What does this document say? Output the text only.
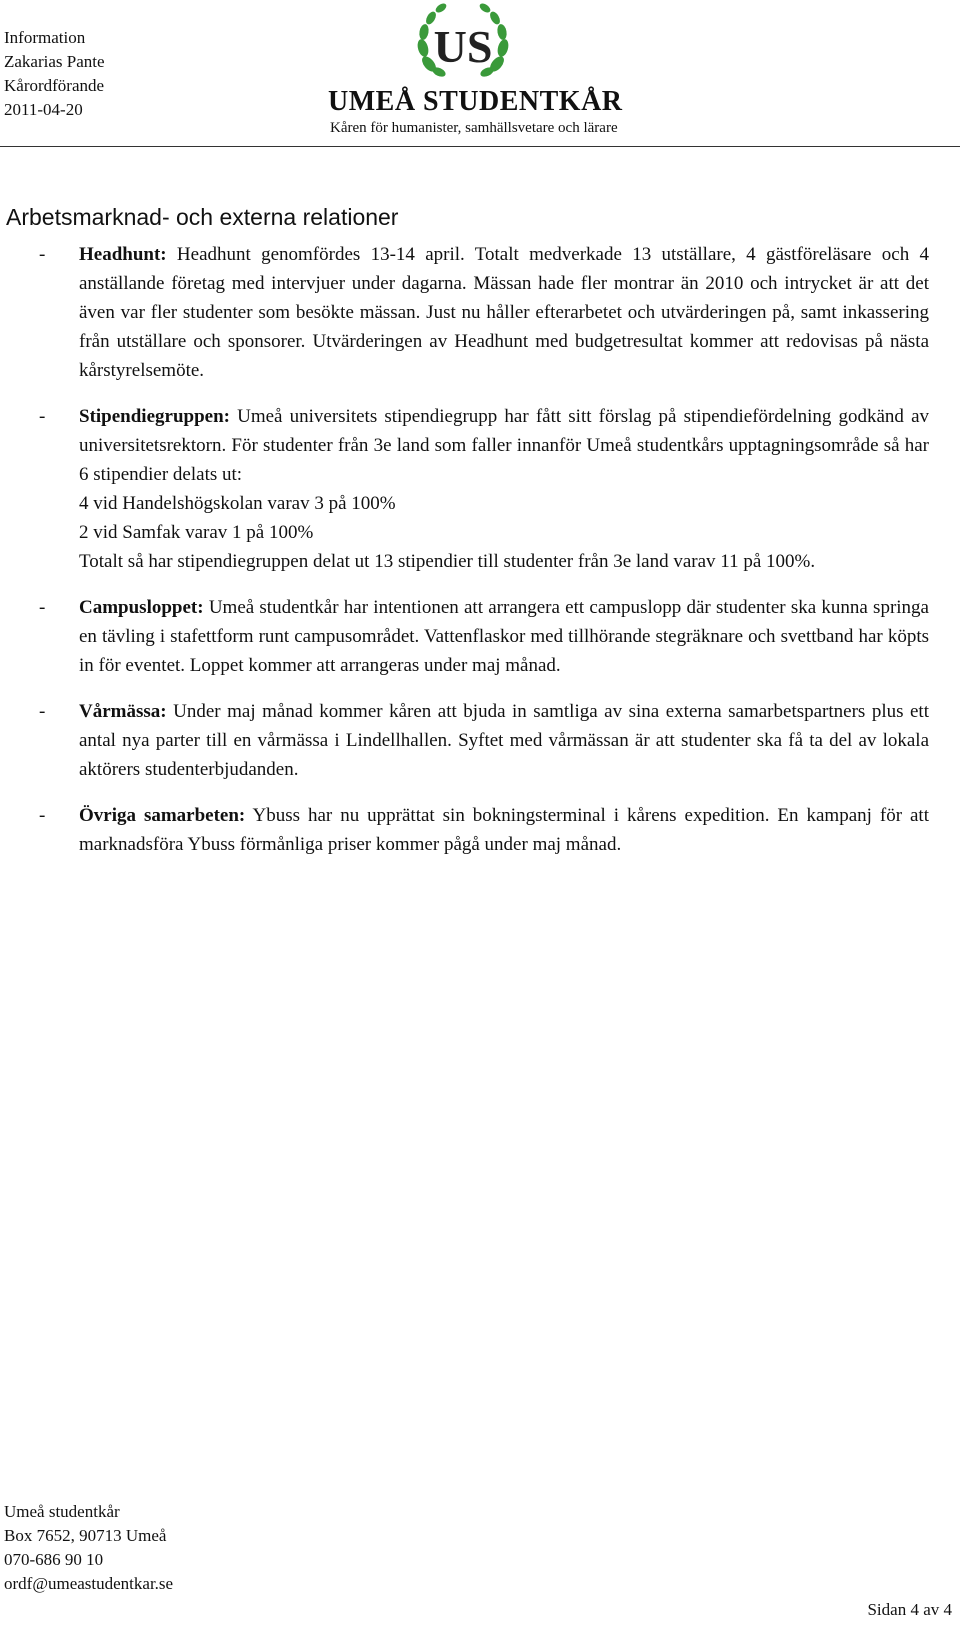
Information
Zakarias Pante
Kårordförande
2011-04-20
US
UMEÅ STUDENTKÅR
Kåren för humanister, samhällsvetare och lärare
Arbetsmarknad- och externa relationer
- Headhunt: Headhunt genomfördes 13-14 april. Totalt medverkade 13 utställare, 4 gästföreläsare och 4 anställande företag med intervjuer under dagarna. Mässan hade fler montrar än 2010 och intrycket är att det även var fler studenter som besökte mässan. Just nu håller efterarbetet och utvärderingen på, samt inkassering från utställare och sponsorer. Utvärderingen av Headhunt med budgetresultat kommer att redovisas på nästa kårstyrelsemöte.
- Stipendiegruppen: Umeå universitets stipendiegrupp har fått sitt förslag på stipendiefördelning godkänd av universitetsrektorn. För studenter från 3e land som faller innanför Umeå studentkårs upptagningsområde så har 6 stipendier delats ut:
4 vid Handelshögskolan varav 3 på 100%
2 vid Samfak varav 1 på 100%
Totalt så har stipendiegruppen delat ut 13 stipendier till studenter från 3e land varav 11 på 100%.
- Campusloppet: Umeå studentkår har intentionen att arrangera ett campuslopp där studenter ska kunna springa en tävling i stafettform runt campusområdet. Vattenflaskor med tillhörande stegräknare och svettband har köpts in för eventet. Loppet kommer att arrangeras under maj månad.
- Vårmässa: Under maj månad kommer kåren att bjuda in samtliga av sina externa samarbetspartners plus ett antal nya parter till en vårmässa i Lindellhallen. Syftet med vårmässan är att studenter ska få ta del av lokala aktörers studenterbjudanden.
- Övriga samarbeten: Ybuss har nu upprättat sin bokningsterminal i kårens expedition. En kampanj för att marknadsföra Ybuss förmånliga priser kommer pågå under maj månad.
Umeå studentkår
Box 7652, 90713 Umeå
070-686 90 10
ordf@umeastudentkar.se
Sidan 4 av 4
